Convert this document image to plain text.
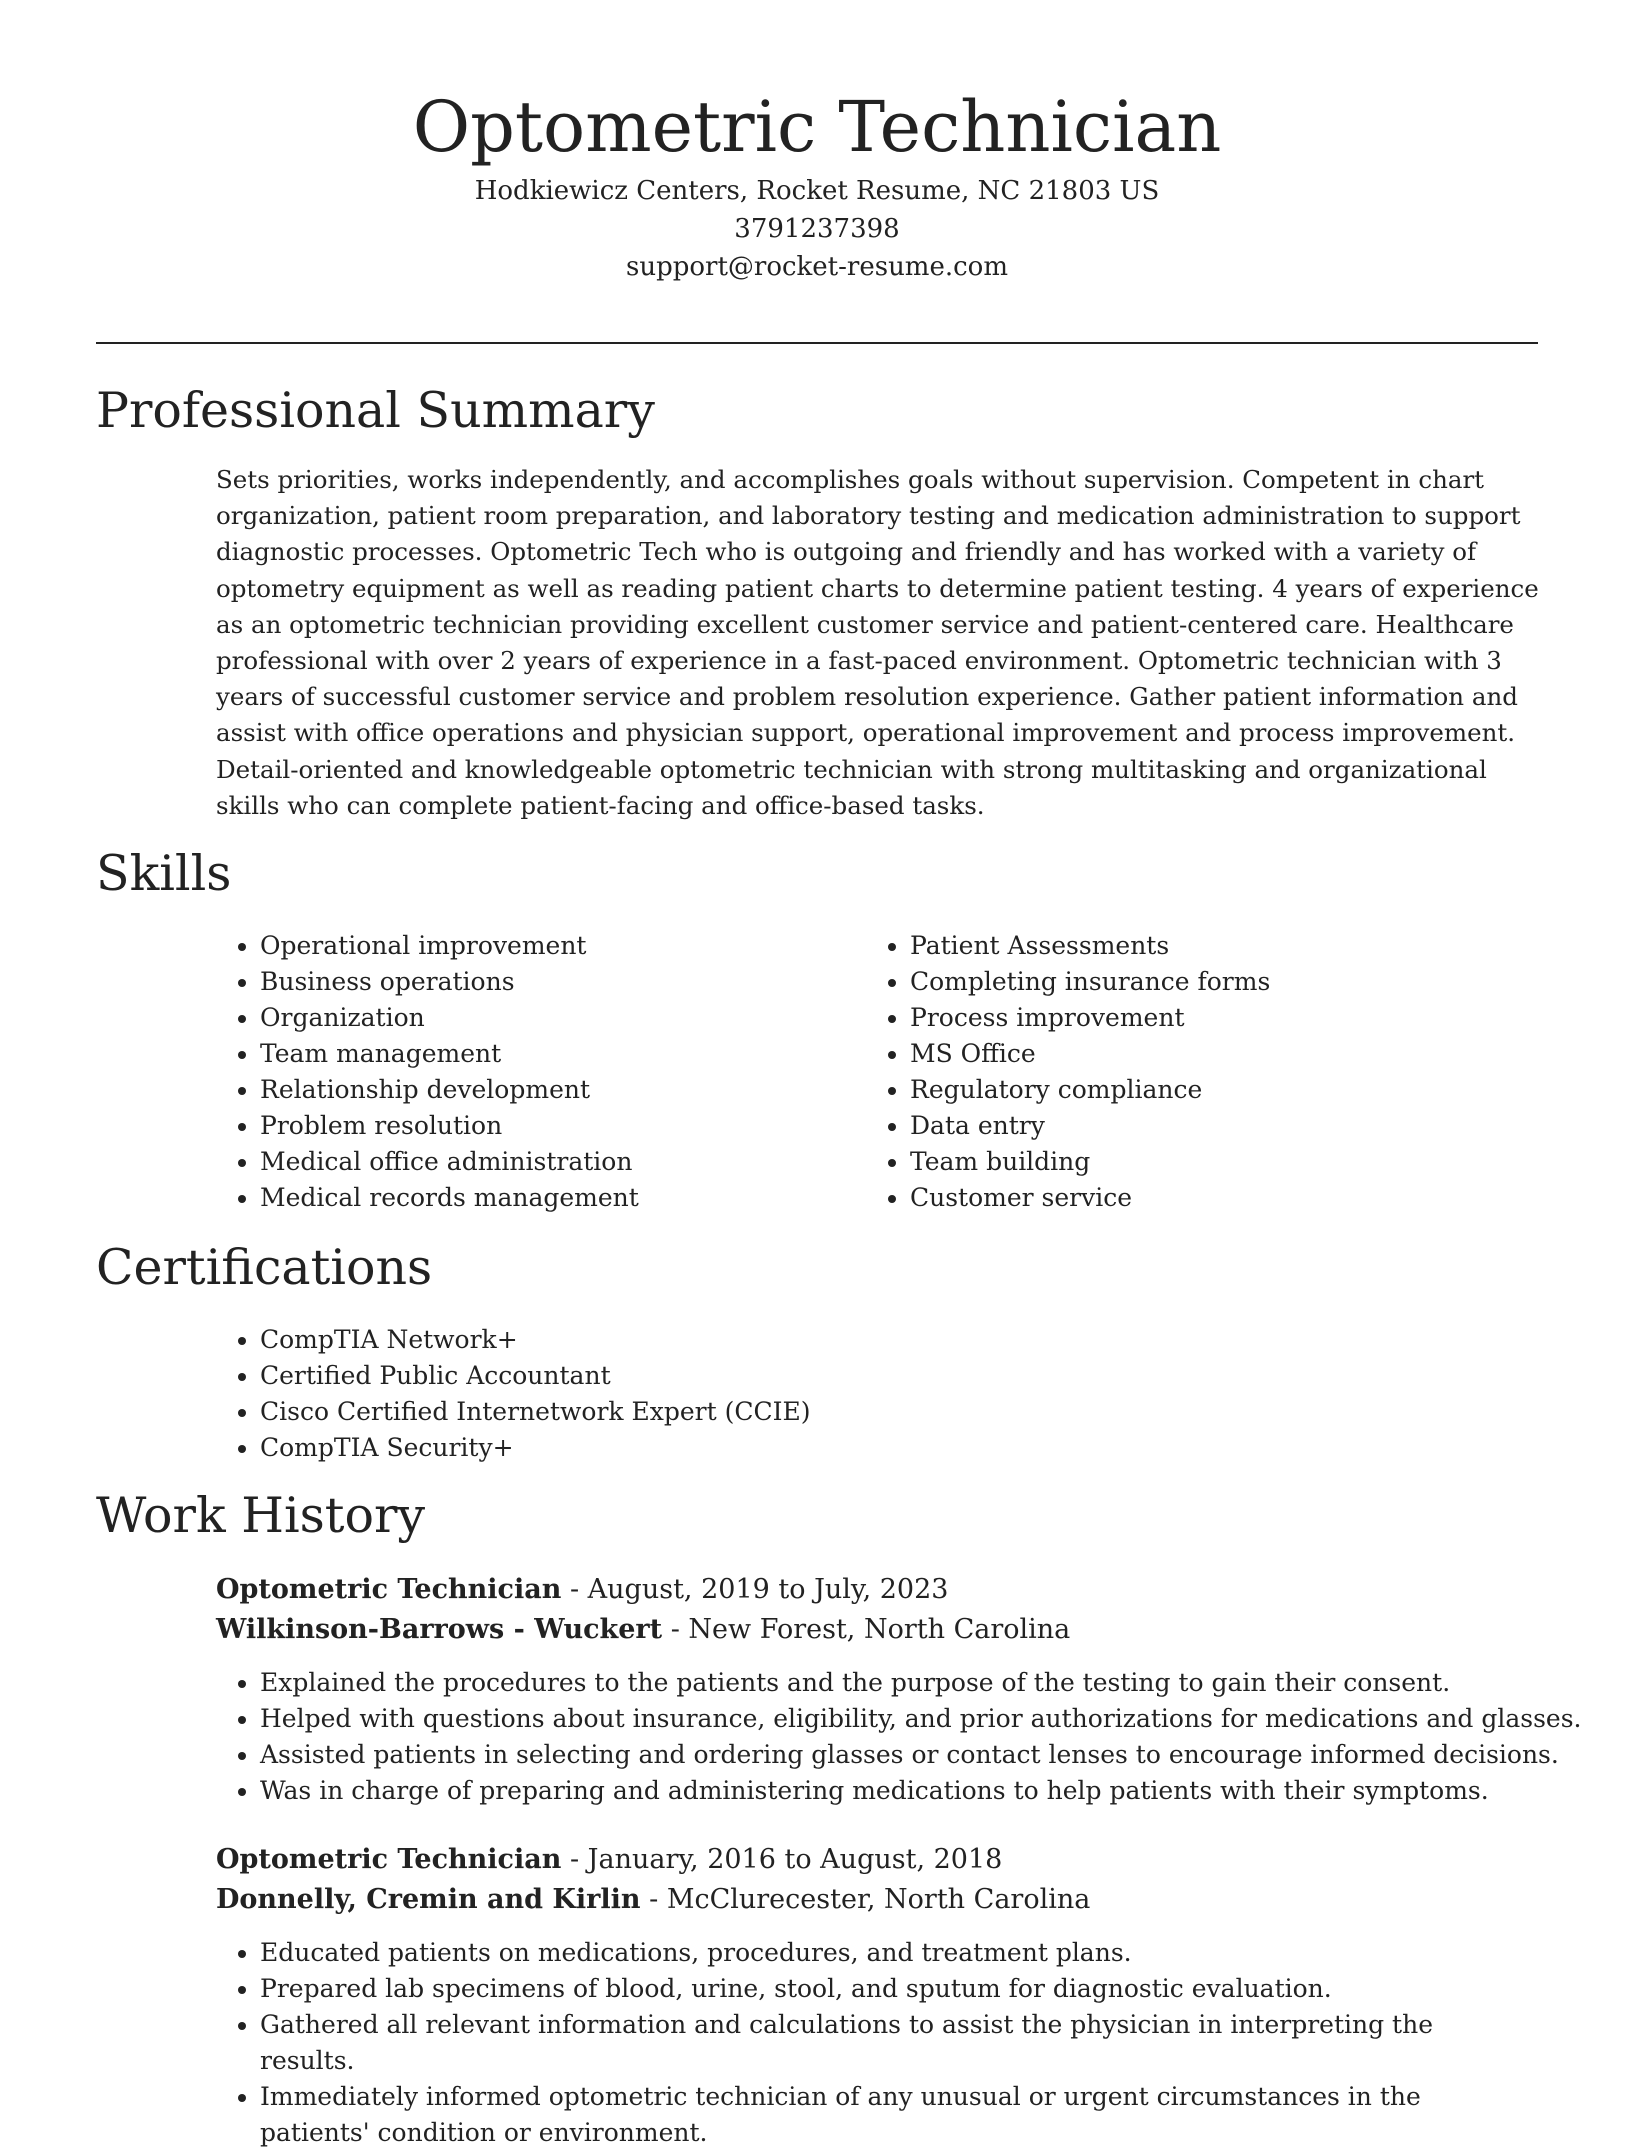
Optometric Technician

Hodkiewicz Centers, Rocket Resume, NC 21803 US

3791237398

support@rocket-resume.com

Professional Summary

Sets priorities, works independently, and accomplishes goals without supervision. Competent in chart organization, patient room preparation, and laboratory testing and medication administration to support diagnostic processes. Optometric Tech who is outgoing and friendly and has worked with a variety of optometry equipment as well as reading patient charts to determine patient testing. 4 years of experience as an optometric technician providing excellent customer service and patient-centered care. Healthcare professional with over 2 years of experience in a fast-paced environment. Optometric technician with 3 years of successful customer service and problem resolution experience. Gather patient information and assist with office operations and physician support, operational improvement and process improvement. Detail-oriented and knowledgeable optometric technician with strong multitasking and organizational skills who can complete patient-facing and office-based tasks.

Skills
• Operational improvement
• Business operations
• Organization
• Team management
• Relationship development
• Problem resolution
• Medical office administration
• Medical records management
• Patient Assessments
• Completing insurance forms
• Process improvement
• MS Office
• Regulatory compliance
• Data entry
• Team building
• Customer service
Certifications
• CompTIA Network+
• Certified Public Accountant
• Cisco Certified Internetwork Expert (CCIE)
• CompTIA Security+
Work History

Optometric Technician - August, 2019 to July, 2023

Wilkinson-Barrows - Wuckert - New Forest, North Carolina

• Explained the procedures to the patients and the purpose of the testing to gain their consent.
• Helped with questions about insurance, eligibility, and prior authorizations for medications and glasses.
• Assisted patients in selecting and ordering glasses or contact lenses to encourage informed decisions.
• Was in charge of preparing and administering medications to help patients with their symptoms.

Optometric Technician - January, 2016 to August, 2018

Donnelly, Cremin and Kirlin - McClurecester, North Carolina

• Educated patients on medications, procedures, and treatment plans.
• Prepared lab specimens of blood, urine, stool, and sputum for diagnostic evaluation.
• Gathered all relevant information and calculations to assist the physician in interpreting the results.
• Immediately informed optometric technician of any unusual or urgent circumstances in the patients' condition or environment.
